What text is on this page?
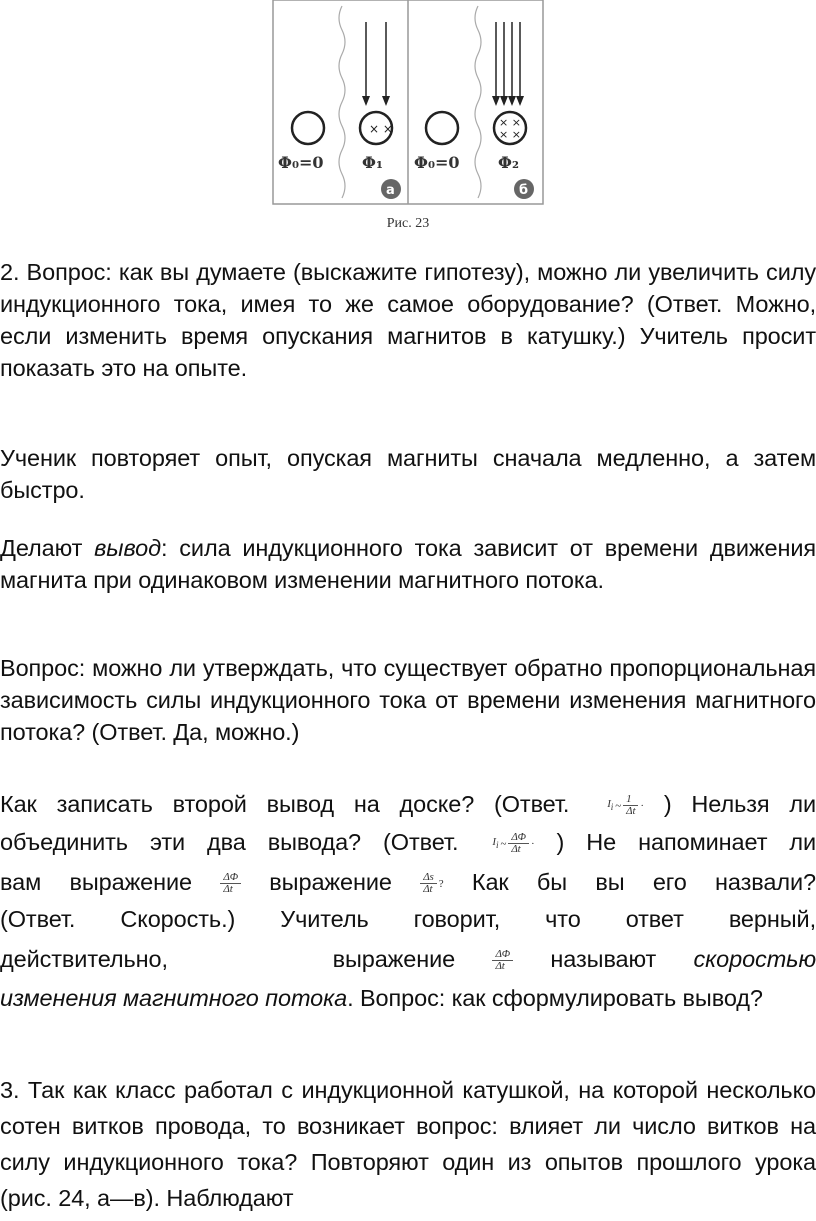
× ×
Φ₀=0 Φ₁
а
× ×
× ×
Φ₀=0 Φ₂
б
Рис. 23

2. Вопрос: как вы думаете (выскажите гипотезу), можно ли увеличить силу индукционного тока, имея то же самое оборудование? (Ответ. Можно, если изменить время опускания магнитов в катушку.) Учитель просит показать это на опыте.

Ученик повторяет опыт, опуская магниты сначала медленно, а затем быстро.

Делают вывод: сила индукционного тока зависит от времени движения магнита при одинаковом изменении магнитного потока.

Вопрос: можно ли утверждать, что существует обратно пропорциональная зависимость силы индукционного тока от времени изменения магнитного потока? (Ответ. Да, можно.)

Как записать второй вывод на доске? (Ответ.	$I_i$ ~ $\frac{1}{\Delta t}$ · ) Нельзя ли
объединить эти два вывода? (Ответ.	$I_i$ ~ $\frac{\Delta\Phi}{\Delta t}$ · ) Не напоминает ли
вам выражение	$\frac{\Delta\Phi}{\Delta t}$ выражение	$\frac{\Delta s}{\Delta t}$ ? Как бы вы его назвали?
(Ответ. Скорость.) Учитель говорит, что ответ верный,
действительно,	выражение	$\frac{\Delta\Phi}{\Delta t}$ называют скоростью
изменения магнитного потока. Вопрос: как сформулировать вывод?

3. Так как класс работал с индукционной катушкой, на которой несколько сотен витков провода, то возникает вопрос: влияет ли число витков на силу индукционного тока? Повторяют один из опытов прошлого урока (рис. 24, а—в). Наблюдают
